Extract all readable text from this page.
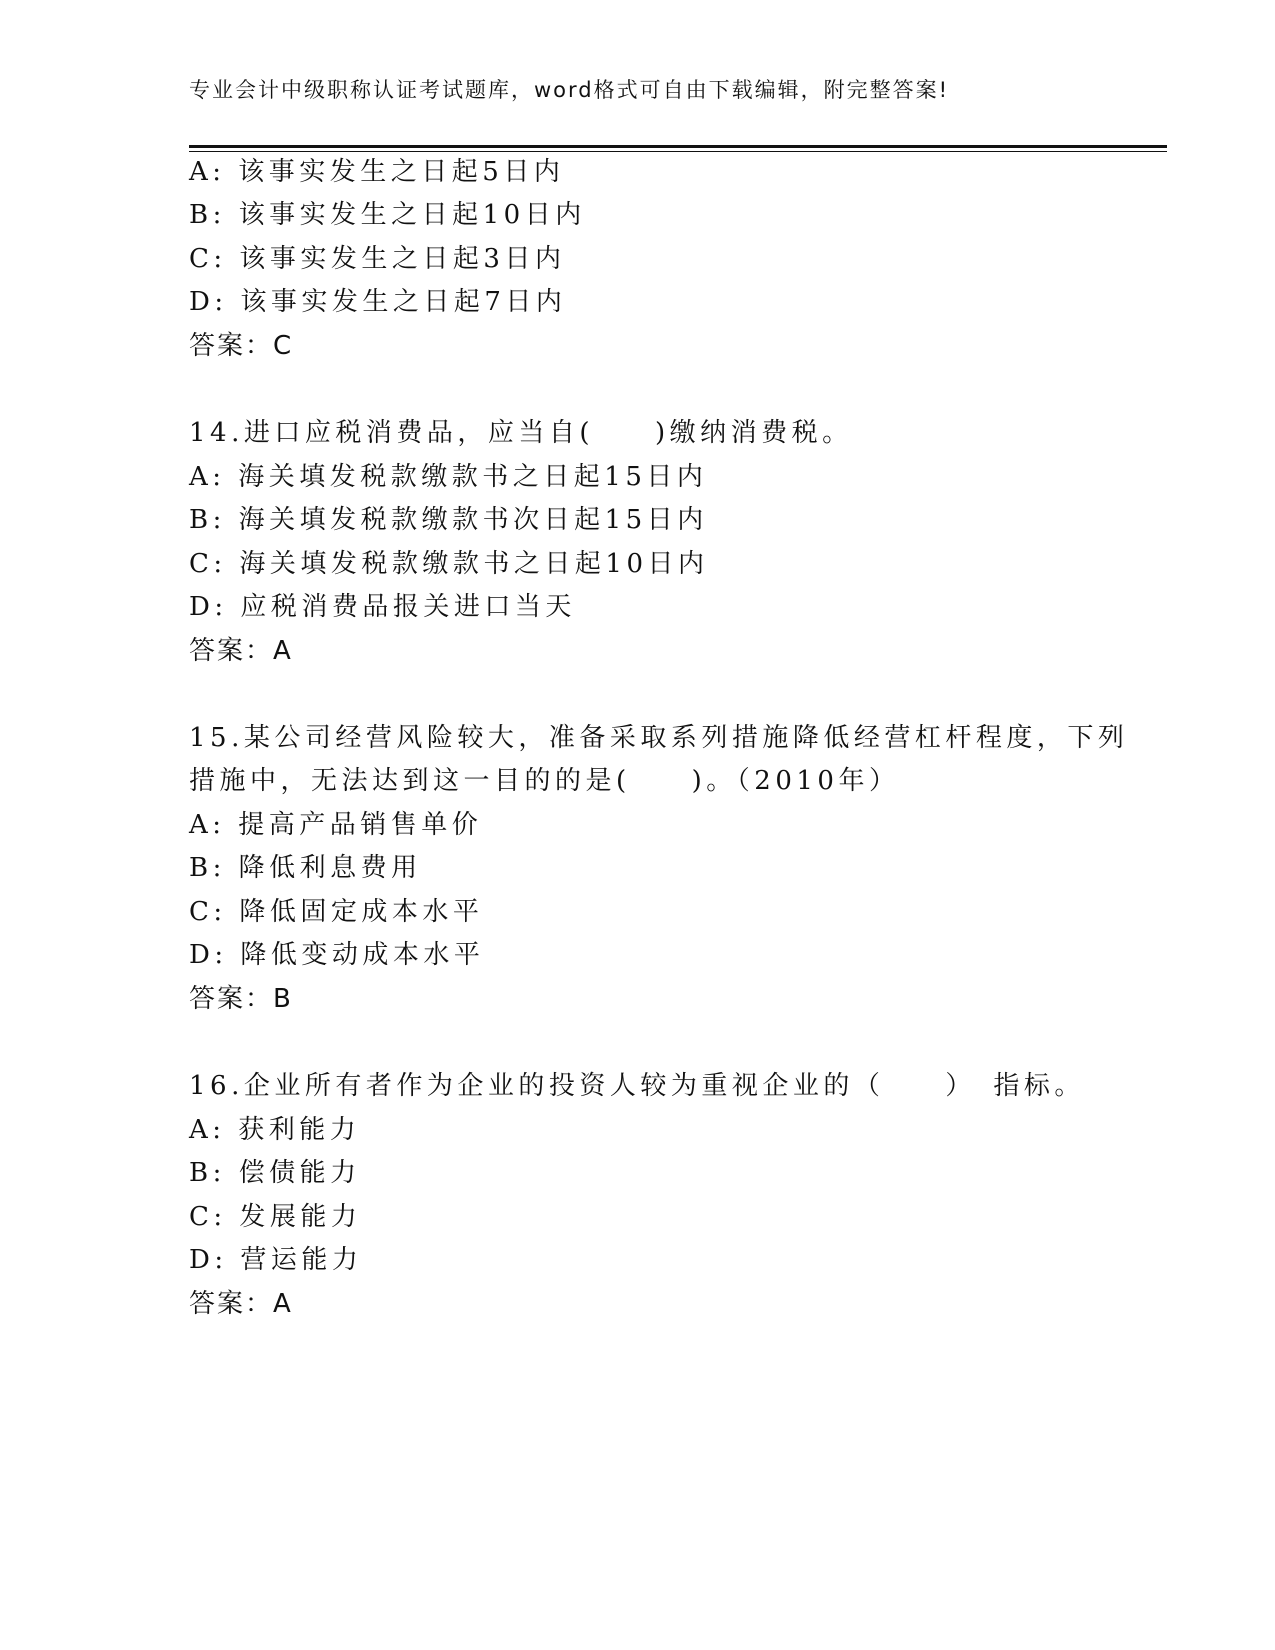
专业会计中级职称认证考试题库，word格式可自由下载编辑，附完整答案!
A: 该事实发生之日起5日内
B: 该事实发生之日起10日内
C: 该事实发生之日起3日内
D: 该事实发生之日起7日内
答案：C
14.进口应税消费品，应当自(　　)缴纳消费税。
A: 海关填发税款缴款书之日起15日内
B: 海关填发税款缴款书次日起15日内
C: 海关填发税款缴款书之日起10日内
D: 应税消费品报关进口当天
答案：A
15.某公司经营风险较大，准备采取系列措施降低经营杠杆程度，下列
措施中，无法达到这一目的的是(　　)。（2010年）
A: 提高产品销售单价
B: 降低利息费用
C: 降低固定成本水平
D: 降低变动成本水平
答案：B
16.企业所有者作为企业的投资人较为重视企业的（　　）　指标。
A: 获利能力
B: 偿债能力
C: 发展能力
D: 营运能力
答案：A
